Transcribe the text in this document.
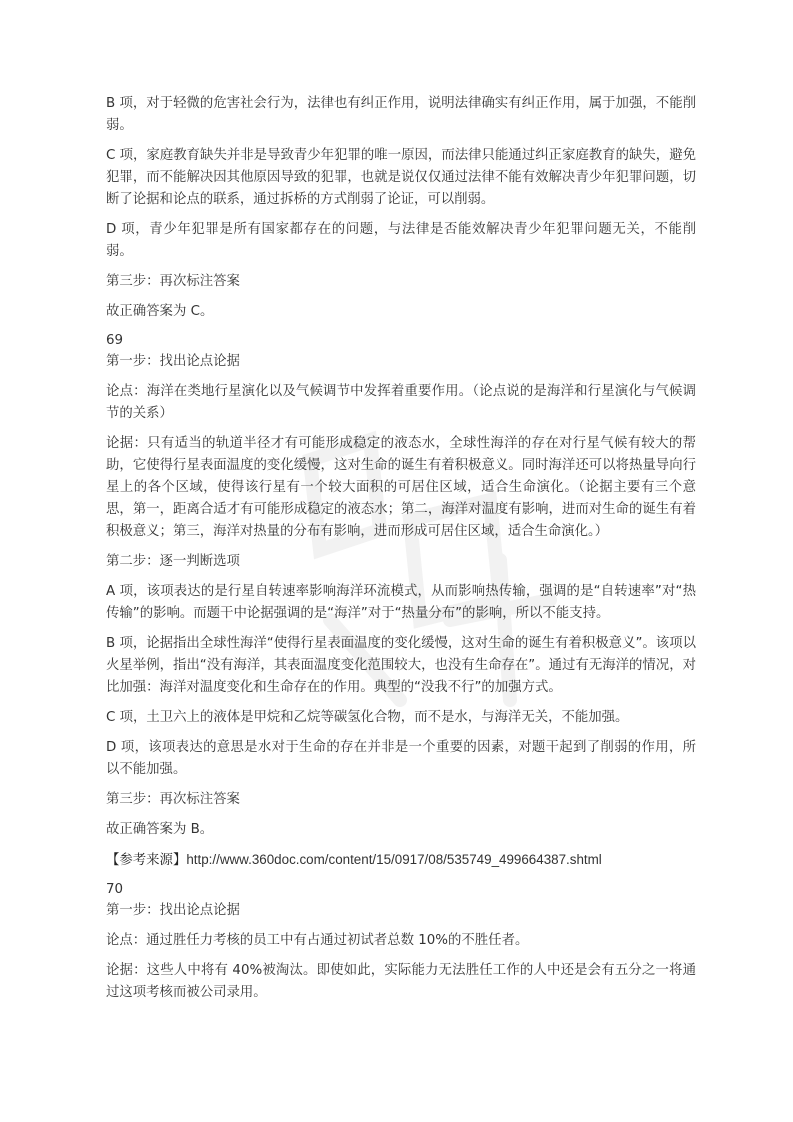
B 项，对于轻微的危害社会行为，法律也有纠正作用，说明法律确实有纠正作用，属于加强，不能削弱。

C 项，家庭教育缺失并非是导致青少年犯罪的唯一原因，而法律只能通过纠正家庭教育的缺失，避免犯罪，而不能解决因其他原因导致的犯罪，也就是说仅仅通过法律不能有效解决青少年犯罪问题，切断了论据和论点的联系，通过拆桥的方式削弱了论证，可以削弱。

D 项，青少年犯罪是所有国家都存在的问题，与法律是否能效解决青少年犯罪问题无关，不能削弱。

第三步：再次标注答案

故正确答案为 C。

69

第一步：找出论点论据

论点：海洋在类地行星演化以及气候调节中发挥着重要作用。（论点说的是海洋和行星演化与气候调节的关系）

论据：只有适当的轨道半径才有可能形成稳定的液态水，全球性海洋的存在对行星气候有较大的帮助，它使得行星表面温度的变化缓慢，这对生命的诞生有着积极意义。同时海洋还可以将热量导向行星上的各个区域，使得该行星有一个较大面积的可居住区域，适合生命演化。（论据主要有三个意思，第一，距离合适才有可能形成稳定的液态水；第二，海洋对温度有影响，进而对生命的诞生有着积极意义；第三，海洋对热量的分布有影响，进而形成可居住区域，适合生命演化。）

第二步：逐一判断选项

A 项，该项表达的是行星自转速率影响海洋环流模式，从而影响热传输，强调的是“自转速率”对“热传输”的影响。而题干中论据强调的是“海洋”对于“热量分布”的影响，所以不能支持。

B 项，论据指出全球性海洋“使得行星表面温度的变化缓慢，这对生命的诞生有着积极意义”。该项以火星举例，指出“没有海洋，其表面温度变化范围较大，也没有生命存在”。通过有无海洋的情况，对比加强：海洋对温度变化和生命存在的作用。典型的“没我不行”的加强方式。

C 项，土卫六上的液体是甲烷和乙烷等碳氢化合物，而不是水，与海洋无关，不能加强。

D 项，该项表达的意思是水对于生命的存在并非是一个重要的因素，对题干起到了削弱的作用，所以不能加强。

第三步：再次标注答案

故正确答案为 B。

【参考来源】http://www.360doc.com/content/15/0917/08/535749_499664387.shtml

70

第一步：找出论点论据

论点：通过胜任力考核的员工中有占通过初试者总数 10%的不胜任者。

论据：这些人中将有 40%被淘汰。即使如此，实际能力无法胜任工作的人中还是会有五分之一将通过这项考核而被公司录用。
